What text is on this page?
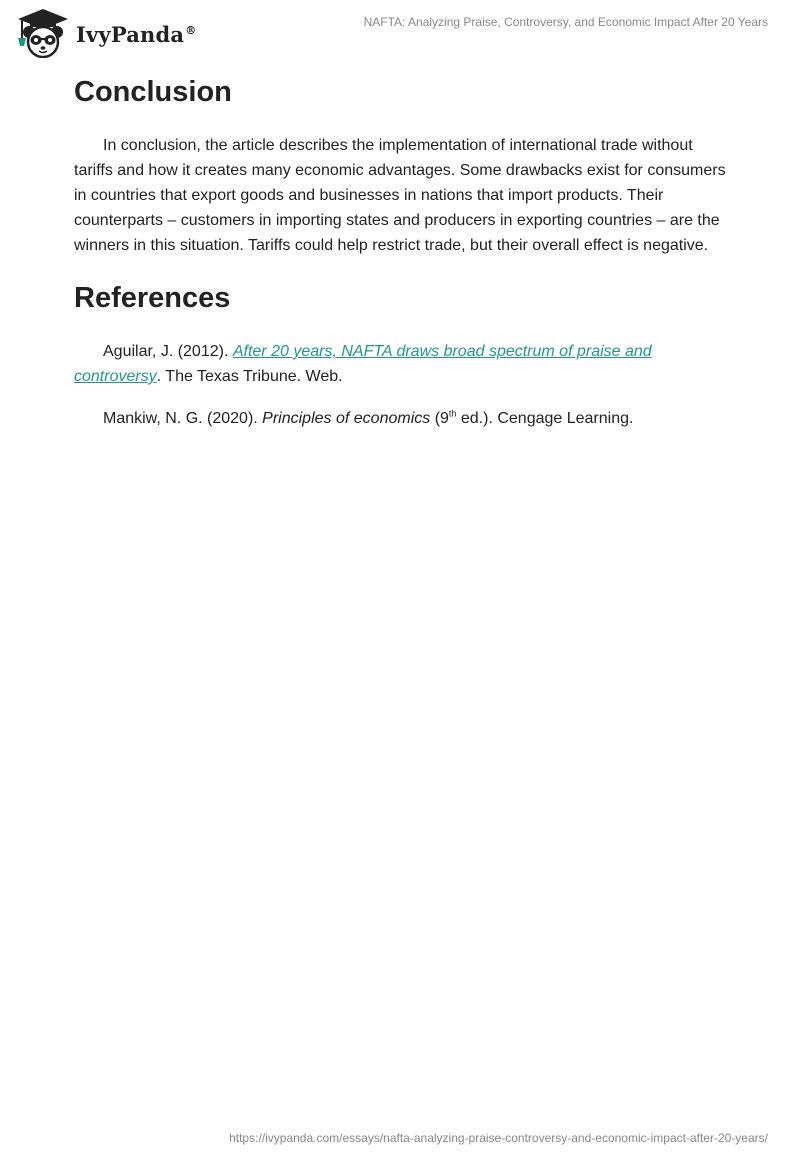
IvyPanda®
NAFTA: Analyzing Praise, Controversy, and Economic Impact After 20 Years
Conclusion

In conclusion, the article describes the implementation of international trade without tariffs and how it creates many economic advantages. Some drawbacks exist for consumers in countries that export goods and businesses in nations that import products. Their counterparts – customers in importing states and producers in exporting countries – are the winners in this situation. Tariffs could help restrict trade, but their overall effect is negative.

References

Aguilar, J. (2012). After 20 years, NAFTA draws broad spectrum of praise and controversy. The Texas Tribune. Web.

Mankiw, N. G. (2020). Principles of economics (9th ed.). Cengage Learning.

https://ivypanda.com/essays/nafta-analyzing-praise-controversy-and-economic-impact-after-20-years/
